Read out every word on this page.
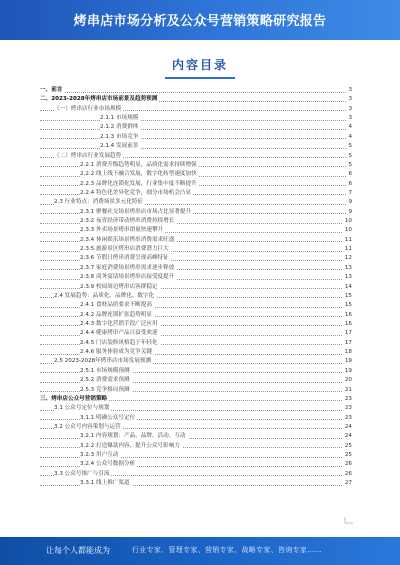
烤串店市场分析及公众号营销策略研究报告
内容目录
一、前言	3
二、2023-2028年烤串店市场前景及趋势预测	3
（一）烤串店行业市场规模	3
2.1.1 市场规模	3
2.1.2 消费群体	4
2.1.3 市场竞争	4
2.1.4 发展前景	5
（二）烤串店行业发展趋势	5
2.2.1 消费升级趋势明显，品质化需求持续增强	5
2.2.2 线上线下融合发展，数字化转型速度加快	6
2.2.3 品牌化连锁化发展，行业集中度不断提升	6
2.2.4 特色化差异化竞争，细分市场机会凸显	7
2.3 行业特点：消费场景多元化特征	9
2.3.1 聚餐社交场景烤串店市场占比显著提升	9
2.3.2 夜宵经济带动烤串消费持续增长	10
2.3.3 外卖场景烤串销量快速攀升	10
2.3.4 休闲娱乐场景烤串消费需求旺盛	11
2.3.5 旅游景区烤串店消费潜力巨大	11
2.3.6 节假日烤串消费呈现高峰特征	12
2.3.7 家庭消费场景烤串需求逐步释放	13
2.3.8 商务宴请场景烤串店接受度提升	13
2.3.9 校园周边烤串店客群稳定	14
2.4 发展趋势：品质化、品牌化、数字化	15
2.4.1 食材品质要求不断提高	15
2.4.2 品牌连锁扩张趋势明显	16
2.4.3 数字化营销手段广泛应用	16
2.4.4 健康烤串产品日益受欢迎	17
2.4.5 门店装修风格趋于年轻化	17
2.4.6 服务体验成为竞争关键	18
2.5 2023-2028年烤串店市场发展预测	19
2.5.1 市场规模预测	19
2.5.2 消费需求预测	20
2.5.3 竞争格局预测	21
三、烤串店公众号营销策略	23
3.1 公众号定位与规划	23
3.1.1 明确公众号定位	23
3.2 公众号内容策划与运营	24
3.2.1 内容规划：产品、品牌、活动、互动	24
3.2.2 打造爆款内容，提升公众号影响力	25
3.2.3 用户互动	25
3.2.4 公众号数据分析	26
3.3 公众号推广与引流	26
3.3.1 线上推广渠道	27
让每个人都能成为	行业专家、管理专家、营销专家、战略专家、咨询专家……
